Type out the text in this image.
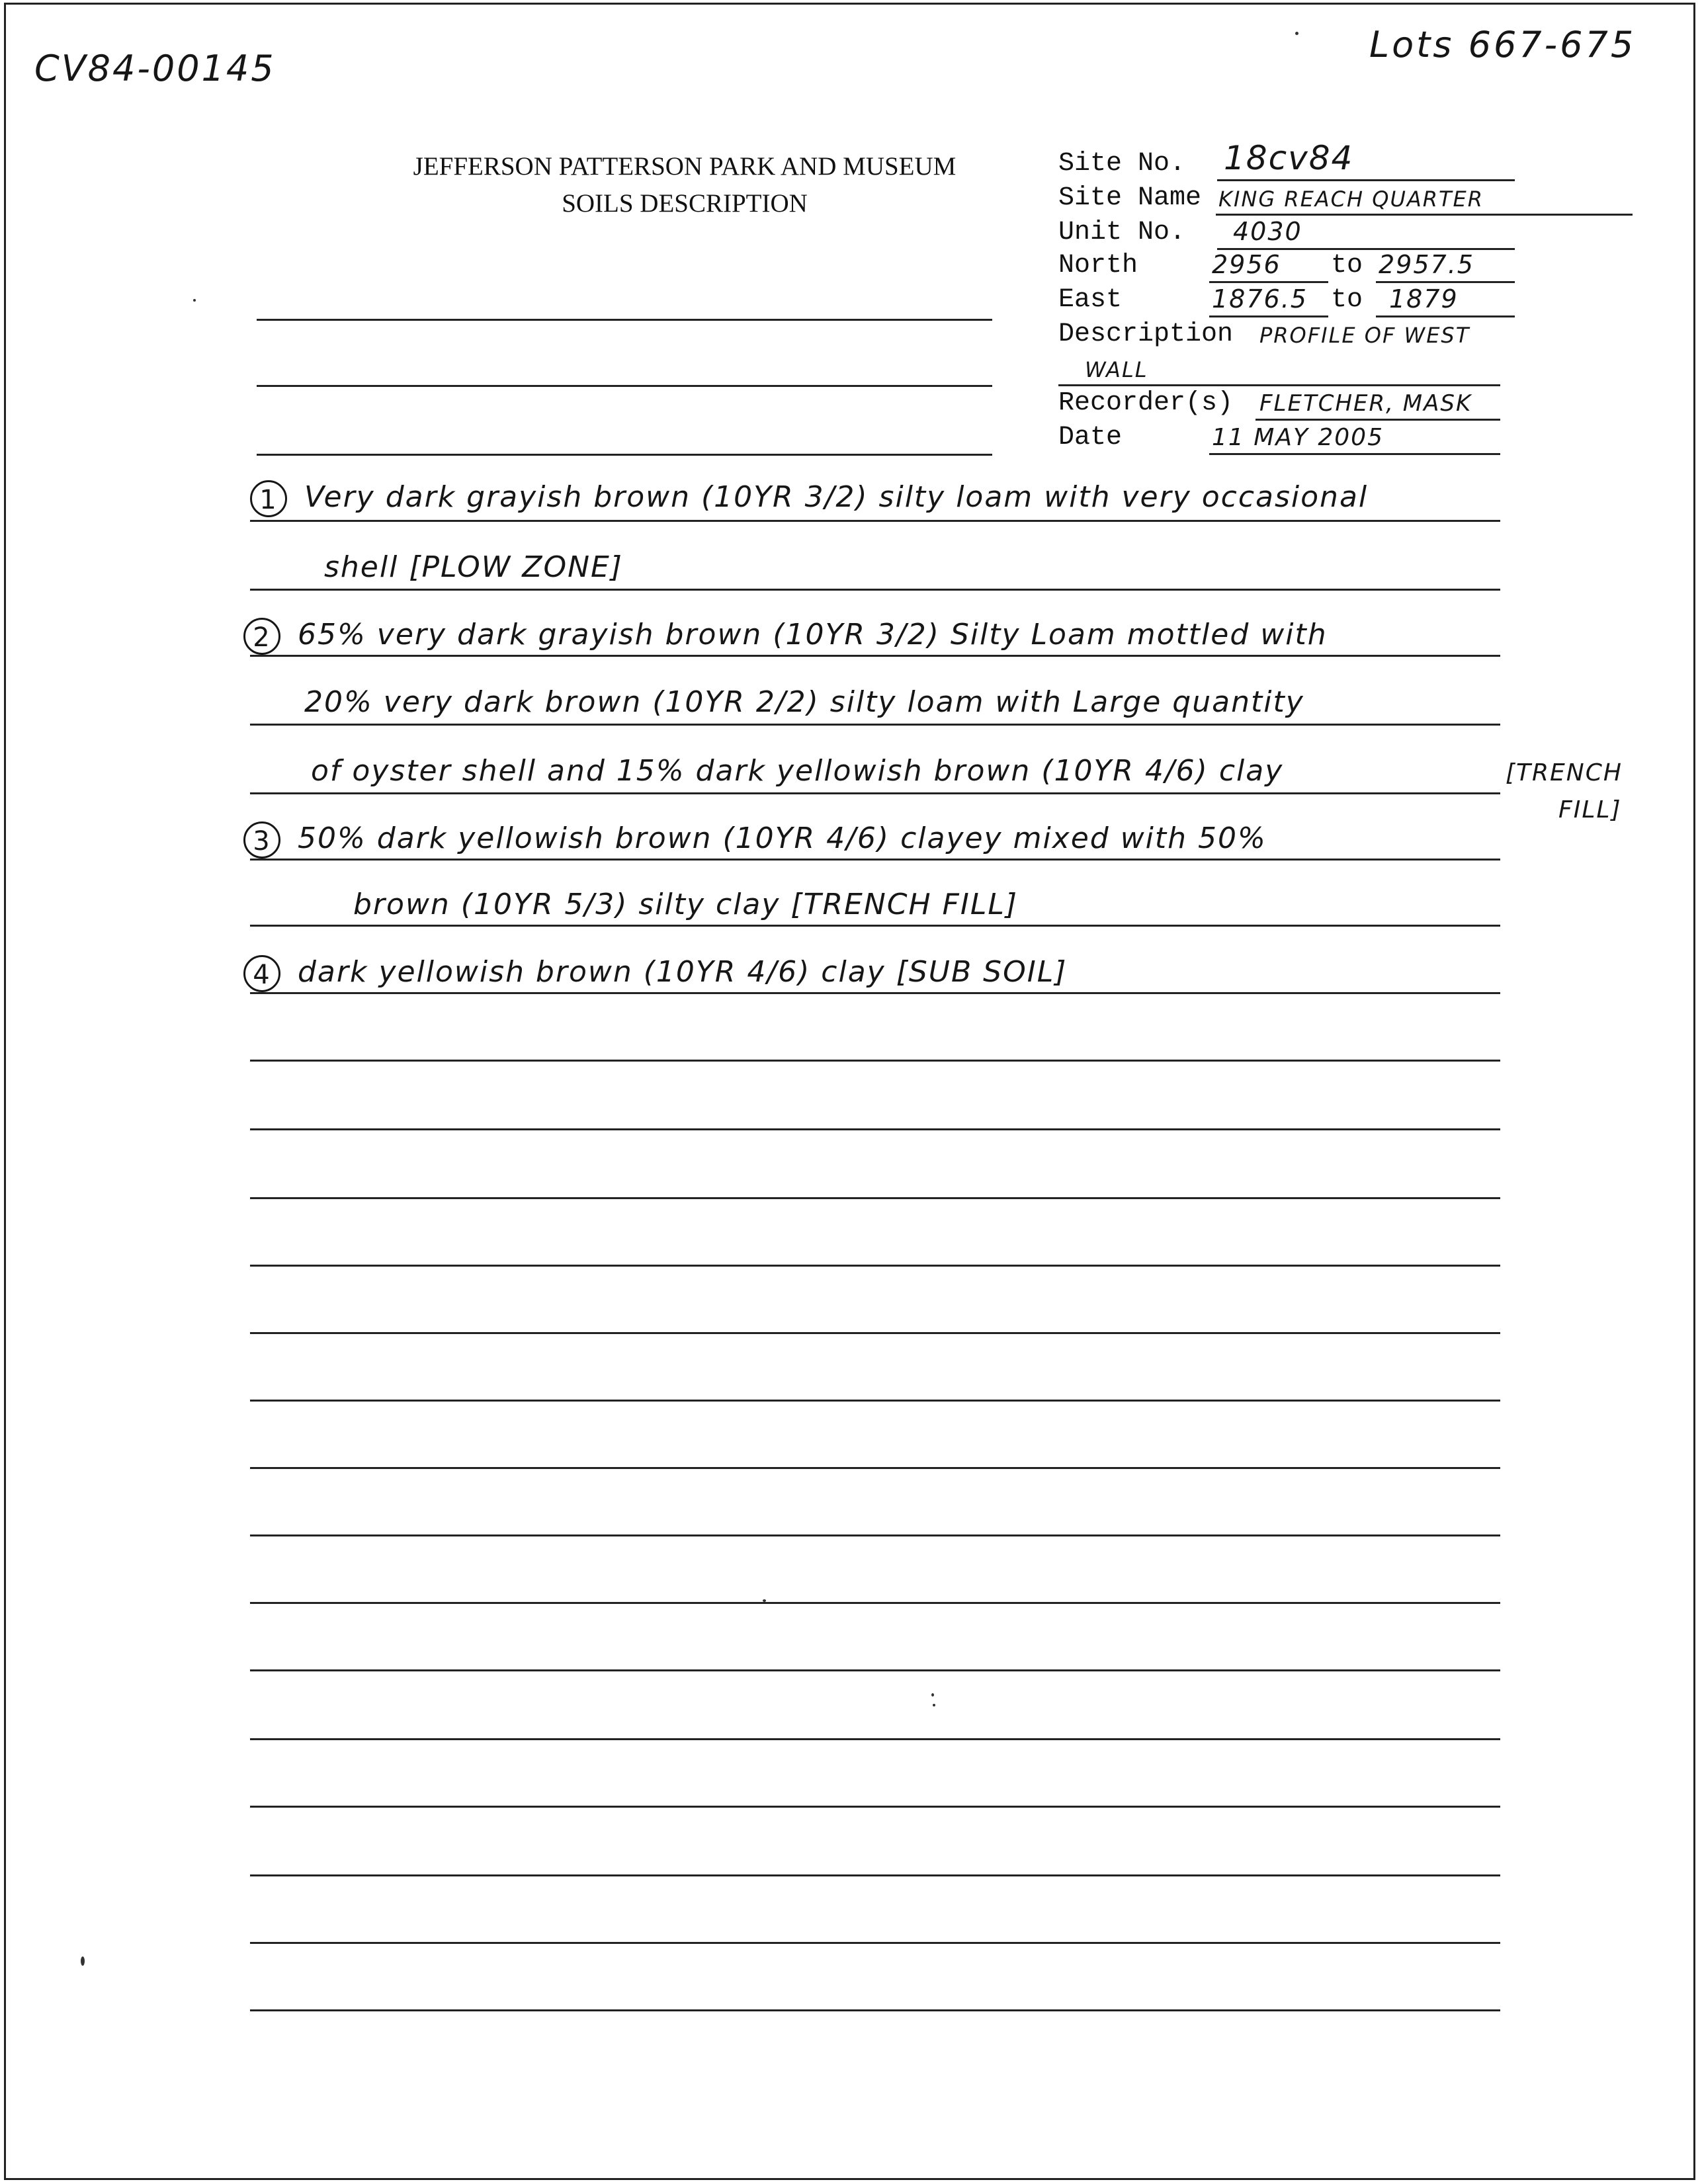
CV84-00145
Lots 667-675
JEFFERSON PATTERSON PARK AND MUSEUM
SOILS DESCRIPTION
Site No. 18cv84
Site Name KING REACH QUARTER
Unit No. 4030
North	2956 to 2957.5
East	1876.5 to 1879
Description PROFILE OF WEST
WALL
Recorder(s) FLETCHER, MASK
Date	11 MAY 2005
1 Very dark grayish brown (10YR 3/2) silty loam with very occasional
shell [PLOW ZONE]
2 65% very dark grayish brown (10YR 3/2) Silty Loam mottled with
20% very dark brown (10YR 2/2) silty loam with Large quantity
of oyster shell and 15% dark yellowish brown (10YR 4/6) clay	[TRENCH
FILL]
3 50% dark yellowish brown (10YR 4/6) clayey mixed with 50%
brown (10YR 5/3) silty clay [TRENCH FILL]
4 dark yellowish brown (10YR 4/6) clay [SUB SOIL]
